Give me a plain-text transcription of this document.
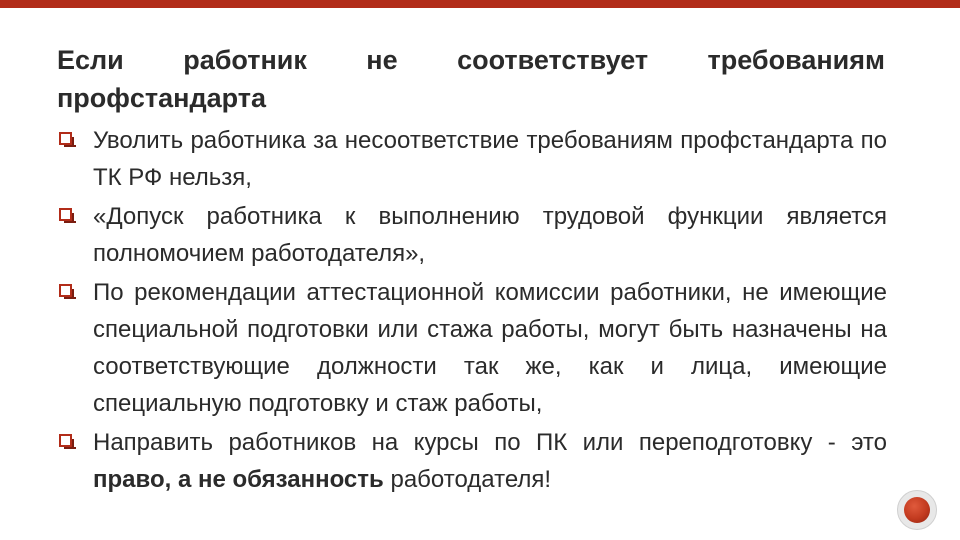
Если работник не соответствует требованиям
профстандарта
Уволить работника за несоответствие требованиям профстандарта по ТК РФ нельзя,
«Допуск работника к выполнению трудовой функции является полномочием работодателя»,
По рекомендации аттестационной комиссии работники, не имеющие специальной подготовки или стажа работы, могут быть назначены на соответствующие должности так же, как и лица, имеющие специальную подготовку и стаж работы,
Направить работников на курсы по ПК или переподготовку - это право, а не обязанность работодателя!
